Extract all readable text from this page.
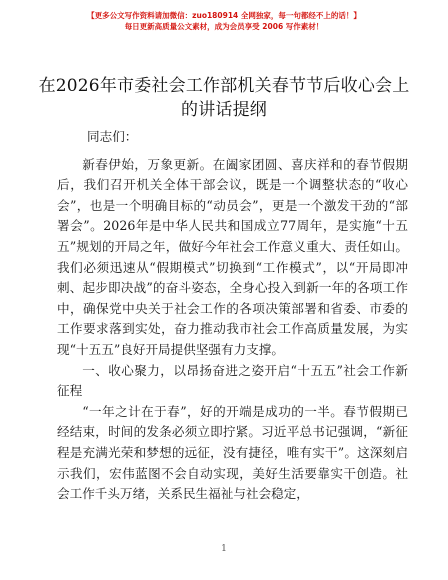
【更多公文写作资料请加微信：zuo180914 全网独家，每一句都经不上的话！】
每日更新高质量公文素材，成为会员享受 2006 写作素材！
在2026年市委社会工作部机关春节节后收心会上的讲话提纲

同志们：

新春伊始，万象更新。在阖家团圆、喜庆祥和的春节假期后，我们召开机关全体干部会议，既是一个调整状态的“收心会”，也是一个明确目标的“动员会”，更是一个激发干劲的“部署会”。2026年是中华人民共和国成立77周年，是实施“十五五”规划的开局之年，做好今年社会工作意义重大、责任如山。我们必须迅速从“假期模式”切换到“工作模式”，以“开局即冲刺、起步即决战”的奋斗姿态，全身心投入到新一年的各项工作中，确保党中央关于社会工作的各项决策部署和省委、市委的工作要求落到实处，奋力推动我市社会工作高质量发展，为实现“十五五”良好开局提供坚强有力支撑。

一、收心聚力，以昂扬奋进之姿开启“十五五”社会工作新征程

“一年之计在于春”，好的开端是成功的一半。春节假期已经结束，时间的发条必须立即拧紧。习近平总书记强调，“新征程是充满光荣和梦想的远征，没有捷径，唯有实干”。这深刻启示我们，宏伟蓝图不会自动实现，美好生活要靠实干创造。社会工作千头万绪，关系民生福祉与社会稳定，

1
